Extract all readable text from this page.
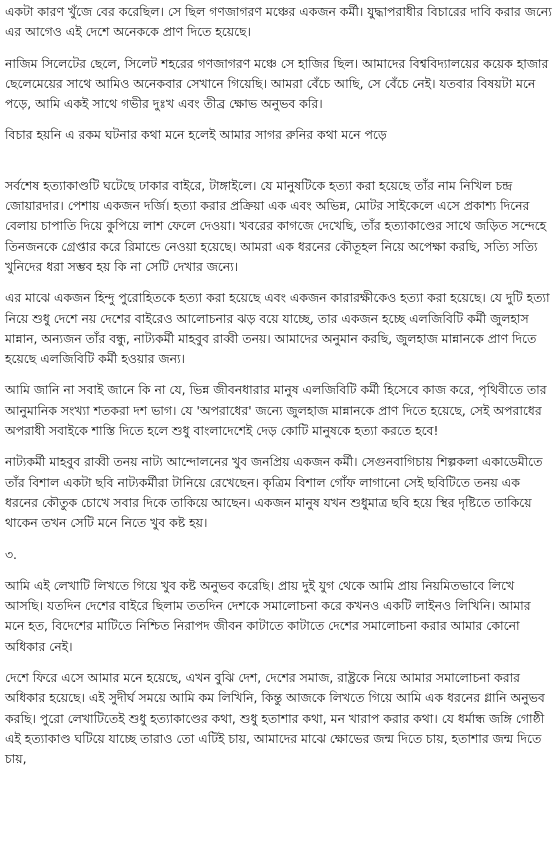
একটা কারণ খুঁজে বের করেছিল। সে ছিল গণজাগরণ মঞ্চের একজন কর্মী। যুদ্ধাপরাধীর বিচারের দাবি করার জন্যে এর আগেও এই দেশে অনেককে প্রাণ দিতে হয়েছে।

নাজিম সিলেটের ছেলে, সিলেট শহরের গণজাগরণ মঞ্চে সে হাজির ছিল। আমাদের বিশ্ববিদ্যালয়ের কয়েক হাজার ছেলেমেয়ের সাথে আমিও অনেকবার সেখানে গিয়েছি। আমরা বেঁচে আছি, সে বেঁচে নেই। যতবার বিষয়টা মনে পড়ে, আমি একই সাথে গভীর দুঃখ এবং তীব্র ক্ষোভ অনুভব করি।

বিচার হয়নি এ রকম ঘটনার কথা মনে হলেই আমার সাগর রুনির কথা মনে পড়ে

সর্বশেষ হত্যাকাণ্ডটি ঘটেছে ঢাকার বাইরে, টাঙ্গাইলে। যে মানুষটিকে হত্যা করা হয়েছে তাঁর নাম নিখিল চন্দ্র জোয়ারদার। পেশায় একজন দর্জি। হত্যা করার প্রক্রিয়া এক এবং অভিন্ন, মোটর সাইকেলে এসে প্রকাশ্য দিনের বেলায় চাপাতি দিয়ে কুপিয়ে লাশ ফেলে দেওয়া। খবরের কাগজে দেখেছি, তাঁর হত্যাকাণ্ডের সাথে জড়িত সন্দেহে তিনজনকে গ্রেপ্তার করে রিমান্ডে নেওয়া হয়েছে। আমরা এক ধরনের কৌতূহল নিয়ে অপেক্ষা করছি, সত্যি সত্যি খুনিদের ধরা সম্ভব হয় কি না সেটি দেখার জন্যে।

এর মাঝে একজন হিন্দু পুরোহিতকে হত্যা করা হয়েছে এবং একজন কারারক্ষীকেও হত্যা করা হয়েছে। যে দুটি হত্যা নিয়ে শুধু দেশে নয় দেশের বাইরেও আলোচনার ঝড় বয়ে যাচ্ছে, তার একজন হচ্ছে এলজিবিটি কর্মী জুলহাস মান্নান, অন্যজন তাঁর বন্ধু, নাট্যকর্মী মাহবুব রাব্বী তনয়। আমাদের অনুমান করছি, জুলহাজ মান্নানকে প্রাণ দিতে হয়েছে এলজিবিটি কর্মী হওয়ার জন্য।

আমি জানি না সবাই জানে কি না যে, ভিন্ন জীবনধারার মানুষ এলজিবিটি কর্মী হিসেবে কাজ করে, পৃথিবীতে তার আনুমানিক সংখ্যা শতকরা দশ ভাগ। যে 'অপরাধের' জন্যে জুলহাজ মান্নানকে প্রাণ দিতে হয়েছে, সেই অপরাধের অপরাধী সবাইকে শাস্তি দিতে হলে শুধু বাংলাদেশেই দেড় কোটি মানুষকে হত্যা করতে হবে!

নাট্যকর্মী মাহবুব রাব্বী তনয় নাট্য আন্দোলনের খুব জনপ্রিয় একজন কর্মী। সেগুনবাগিচায় শিল্পকলা একাডেমীতে তাঁর বিশাল একটা ছবি নাট্যকর্মীরা টানিয়ে রেখেছেন। কৃত্রিম বিশাল গোঁফ লাগানো সেই ছবিটিতে তনয় এক ধরনের কৌতুক চোখে সবার দিকে তাকিয়ে আছেন। একজন মানুষ যখন শুধুমাত্র ছবি হয়ে স্থির দৃষ্টিতে তাকিয়ে থাকেন তখন সেটি মনে নিতে খুব কষ্ট হয়।

৩.

আমি এই লেখাটি লিখতে গিয়ে খুব কষ্ট অনুভব করেছি। প্রায় দুই যুগ থেকে আমি প্রায় নিয়মিতভাবে লিখে আসছি। যতদিন দেশের বাইরে ছিলাম ততদিন দেশকে সমালোচনা করে কখনও একটি লাইনও লিখিনি। আমার মনে হত, বিদেশের মাটিতে নিশ্চিত নিরাপদ জীবন কাটাতে কাটাতে দেশের সমালোচনা করার আমার কোনো অধিকার নেই।

দেশে ফিরে এসে আমার মনে হয়েছে, এখন বুঝি দেশ, দেশের সমাজ, রাষ্ট্রকে নিয়ে আমার সমালোচনা করার অধিকার হয়েছে। এই সুদীর্ঘ সময়ে আমি কম লিখিনি, কিন্তু আজকে লিখতে গিয়ে আমি এক ধরনের গ্লানি অনুভব করছি। পুরো লেখাটিতেই শুধু হত্যাকাণ্ডের কথা, শুধু হতাশার কথা, মন খারাপ করার কথা। যে ধর্মান্ধ জঙ্গি গোষ্ঠী এই হত্যাকাণ্ড ঘটিয়ে যাচ্ছে তারাও তো এটিই চায়, আমাদের মাঝে ক্ষোভের জন্ম দিতে চায়, হতাশার জন্ম দিতে চায়,
